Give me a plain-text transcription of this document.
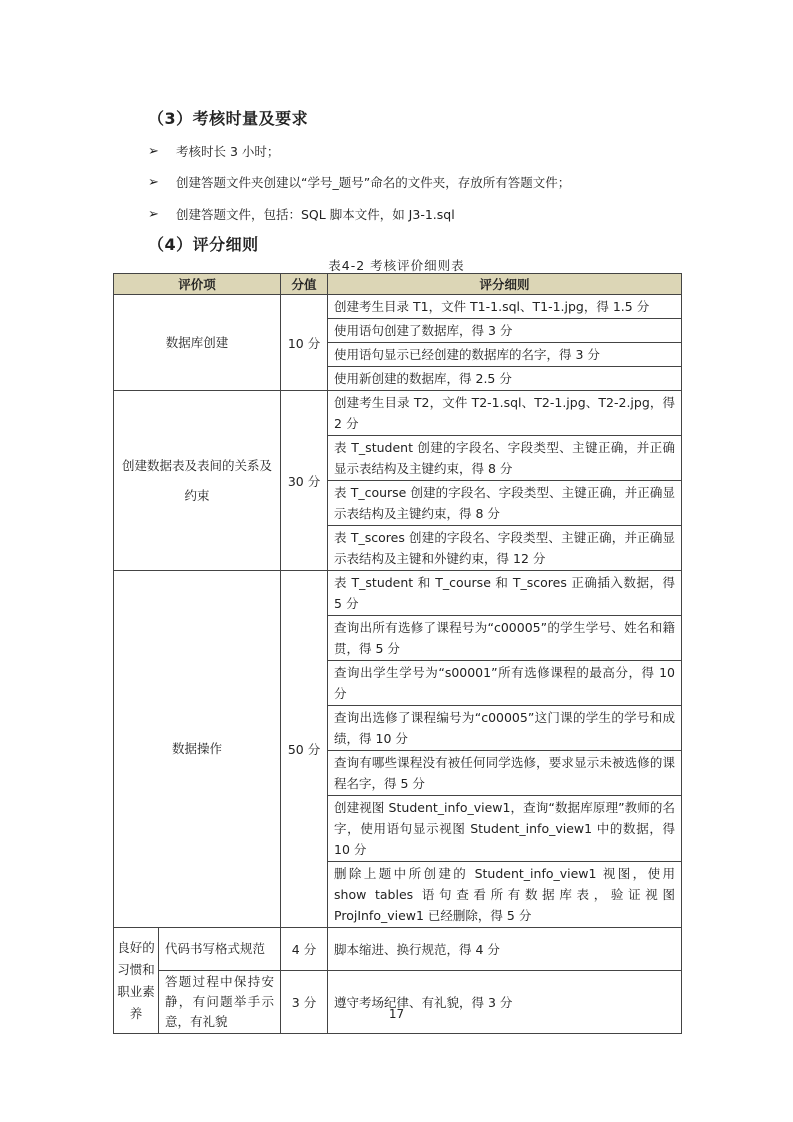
（3）考核时量及要求
➢	考核时长 3 小时；
➢	创建答题文件夹创建以“学号_题号”命名的文件夹，存放所有答题文件；
➢	创建答题文件，包括：SQL 脚本文件，如 J3-1.sql
（4）评分细则
表4-2 考核评价细则表
评价项		分值	评分细则
数据库创建		10 分	创建考生目录 T1，文件 T1-1.sql、T1-1.jpg，得 1.5 分
			使用语句创建了数据库，得 3 分
			使用语句显示已经创建的数据库的名字，得 3 分
			使用新创建的数据库，得 2.5 分
创建数据表及表间的关系及约束		30 分	创建考生目录 T2，文件 T2-1.sql、T2-1.jpg、T2-2.jpg，得 2 分
			表 T_student 创建的字段名、字段类型、主键正确，并正确显示表结构及主键约束，得 8 分
			表 T_course 创建的字段名、字段类型、主键正确，并正确显示表结构及主键约束，得 8 分
			表 T_scores 创建的字段名、字段类型、主键正确，并正确显示表结构及主键和外键约束，得 12 分
数据操作		50 分	表 T_student 和 T_course 和 T_scores 正确插入数据，得 5 分
			查询出所有选修了课程号为“c00005”的学生学号、姓名和籍贯，得 5 分
			查询出学生学号为“s00001”所有选修课程的最高分，得 10 分
			查询出选修了课程编号为“c00005”这门课的学生的学号和成绩，得 10 分
			查询有哪些课程没有被任何同学选修，要求显示未被选修的课程名字，得 5 分
			创建视图 Student_info_view1，查询“数据库原理”教师的名字，使用语句显示视图 Student_info_view1 中的数据，得 10 分
			删除上题中所创建的 Student_info_view1 视图，使用 show tables 语句查看所有数据库表，验证视图 ProjInfo_view1 已经删除，得 5 分
良好的习惯和职业素养	代码书写格式规范	4 分	脚本缩进、换行规范，得 4 分
	答题过程中保持安静，有问题举手示意，有礼貌	3 分	遵守考场纪律、有礼貌，得 3 分
17
